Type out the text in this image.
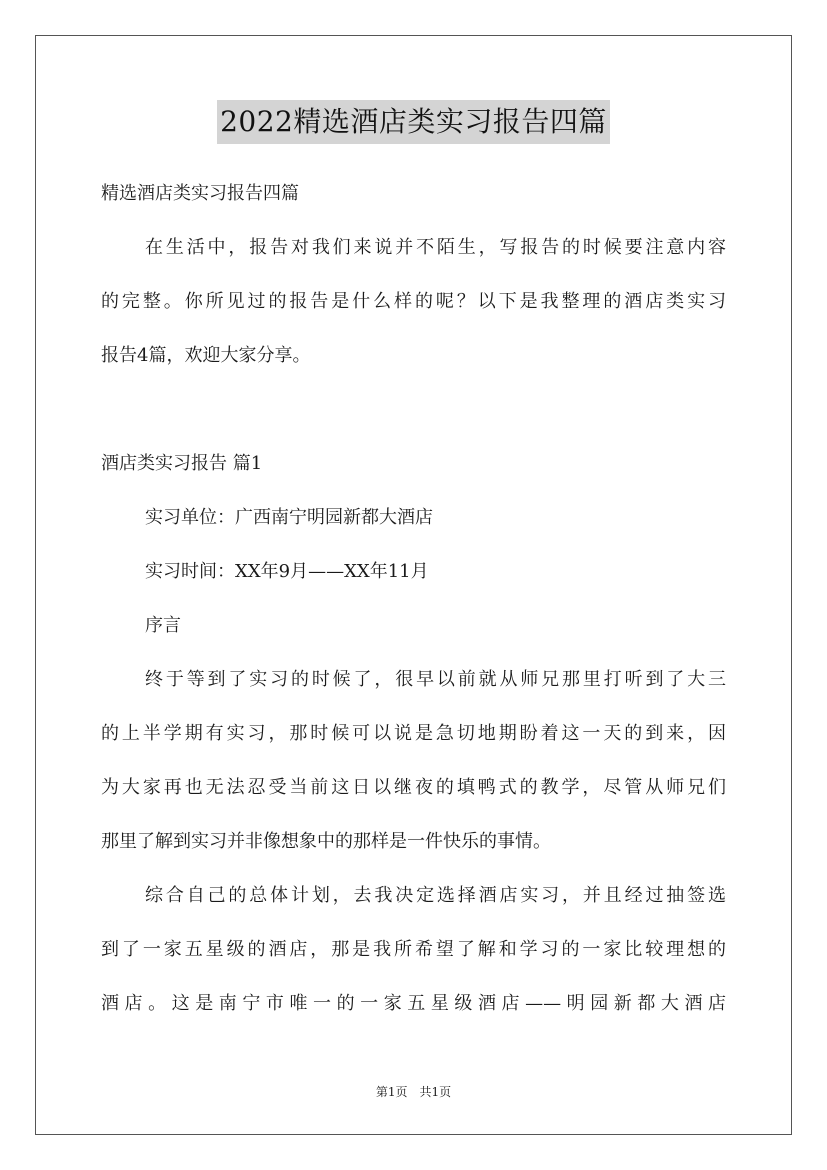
2022精选酒店类实习报告四篇
精选酒店类实习报告四篇
在生活中，报告对我们来说并不陌生，写报告的时候要注意内容
的完整。你所见过的报告是什么样的呢？以下是我整理的酒店类实习
报告4篇，欢迎大家分享。
酒店类实习报告 篇1
实习单位：广西南宁明园新都大酒店
实习时间：XX年9月——XX年11月
序言
终于等到了实习的时候了，很早以前就从师兄那里打听到了大三
的上半学期有实习，那时候可以说是急切地期盼着这一天的到来，因
为大家再也无法忍受当前这日以继夜的填鸭式的教学，尽管从师兄们
那里了解到实习并非像想象中的那样是一件快乐的事情。
综合自己的总体计划，去我决定选择酒店实习，并且经过抽签选
到了一家五星级的酒店，那是我所希望了解和学习的一家比较理想的
酒店。这是南宁市唯一的一家五星级酒店——明园新都大酒店
第1页　共1页
